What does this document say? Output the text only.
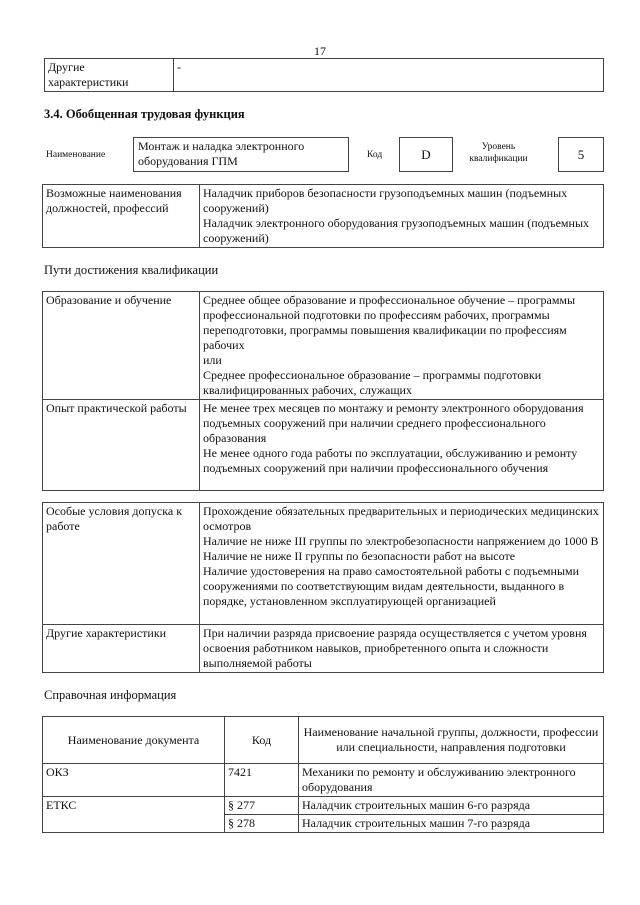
17
Другие
характеристики	-
3.4. Обобщенная трудовая функция
Наименование
Монтаж и наладка электронного оборудования ГПМ	Код	D	Уровень
квалификации	5
Возможные наименования должностей, профессий	Наладчик приборов безопасности грузоподъемных машин (подъемных сооружений)
Наладчик электронного оборудования грузоподъемных машин (подъемных сооружений)
Пути достижения квалификации
Образование и обучение	Среднее общее образование и профессиональное обучение – программы профессиональной подготовки по профессиям рабочих, программы переподготовки, программы повышения квалификации по профессиям рабочих
или
Среднее профессиональное образование – программы подготовки квалифицированных рабочих, служащих
Опыт практической работы	Не менее трех месяцев по монтажу и ремонту электронного оборудования подъемных сооружений при наличии среднего профессионального образования
Не менее одного года работы по эксплуатации, обслуживанию и ремонту подъемных сооружений при наличии профессионального обучения
Особые условия допуска к работе	Прохождение обязательных предварительных и периодических медицинских осмотров
Наличие не ниже III группы по электробезопасности напряжением до 1000 В
Наличие не ниже II группы по безопасности работ на высоте
Наличие удостоверения на право самостоятельной работы с подъемными сооружениями по соответствующим видам деятельности, выданного в порядке, установленном эксплуатирующей организацией
Другие характеристики	При наличии разряда присвоение разряда осуществляется с учетом уровня освоения работником навыков, приобретенного опыта и сложности выполняемой работы
Справочная информация
Наименование документа	Код	Наименование начальной группы, должности, профессии или специальности, направления подготовки
ОКЗ	7421	Механики по ремонту и обслуживанию электронного оборудования
ЕТКС	§ 277	Наладчик строительных машин 6-го разряда
	§ 278	Наладчик строительных машин 7-го разряда
